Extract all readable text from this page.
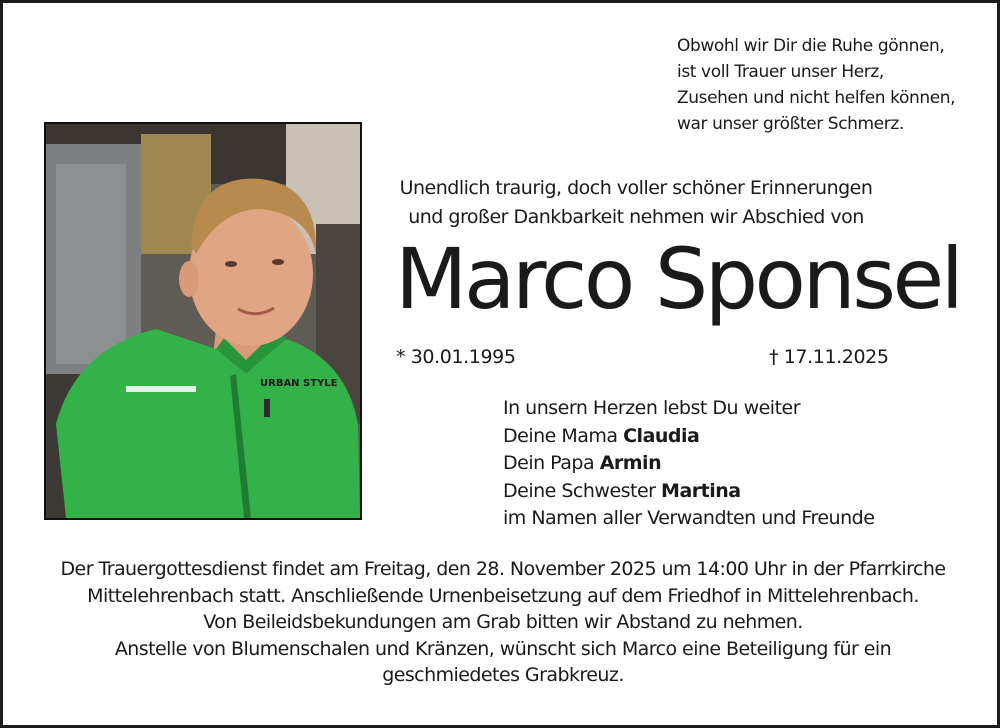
Obwohl wir Dir die Ruhe gönnen,
ist voll Trauer unser Herz,
Zusehen und nicht helfen können,
war unser größter Schmerz.
URBAN STYLE
Unendlich traurig, doch voller schöner Erinnerungen
und großer Dankbarkeit nehmen wir Abschied von
Marco Sponsel
* 30.01.1995	† 17.11.2025
In unsern Herzen lebst Du weiter
Deine Mama Claudia
Dein Papa Armin
Deine Schwester Martina
im Namen aller Verwandten und Freunde
Der Trauergottesdienst findet am Freitag, den 28. November 2025 um 14:00 Uhr in der Pfarrkirche
Mittelehrenbach statt. Anschließende Urnenbeisetzung auf dem Friedhof in Mittelehrenbach.
Von Beileidsbekundungen am Grab bitten wir Abstand zu nehmen.
Anstelle von Blumenschalen und Kränzen, wünscht sich Marco eine Beteiligung für ein
geschmiedetes Grabkreuz.
